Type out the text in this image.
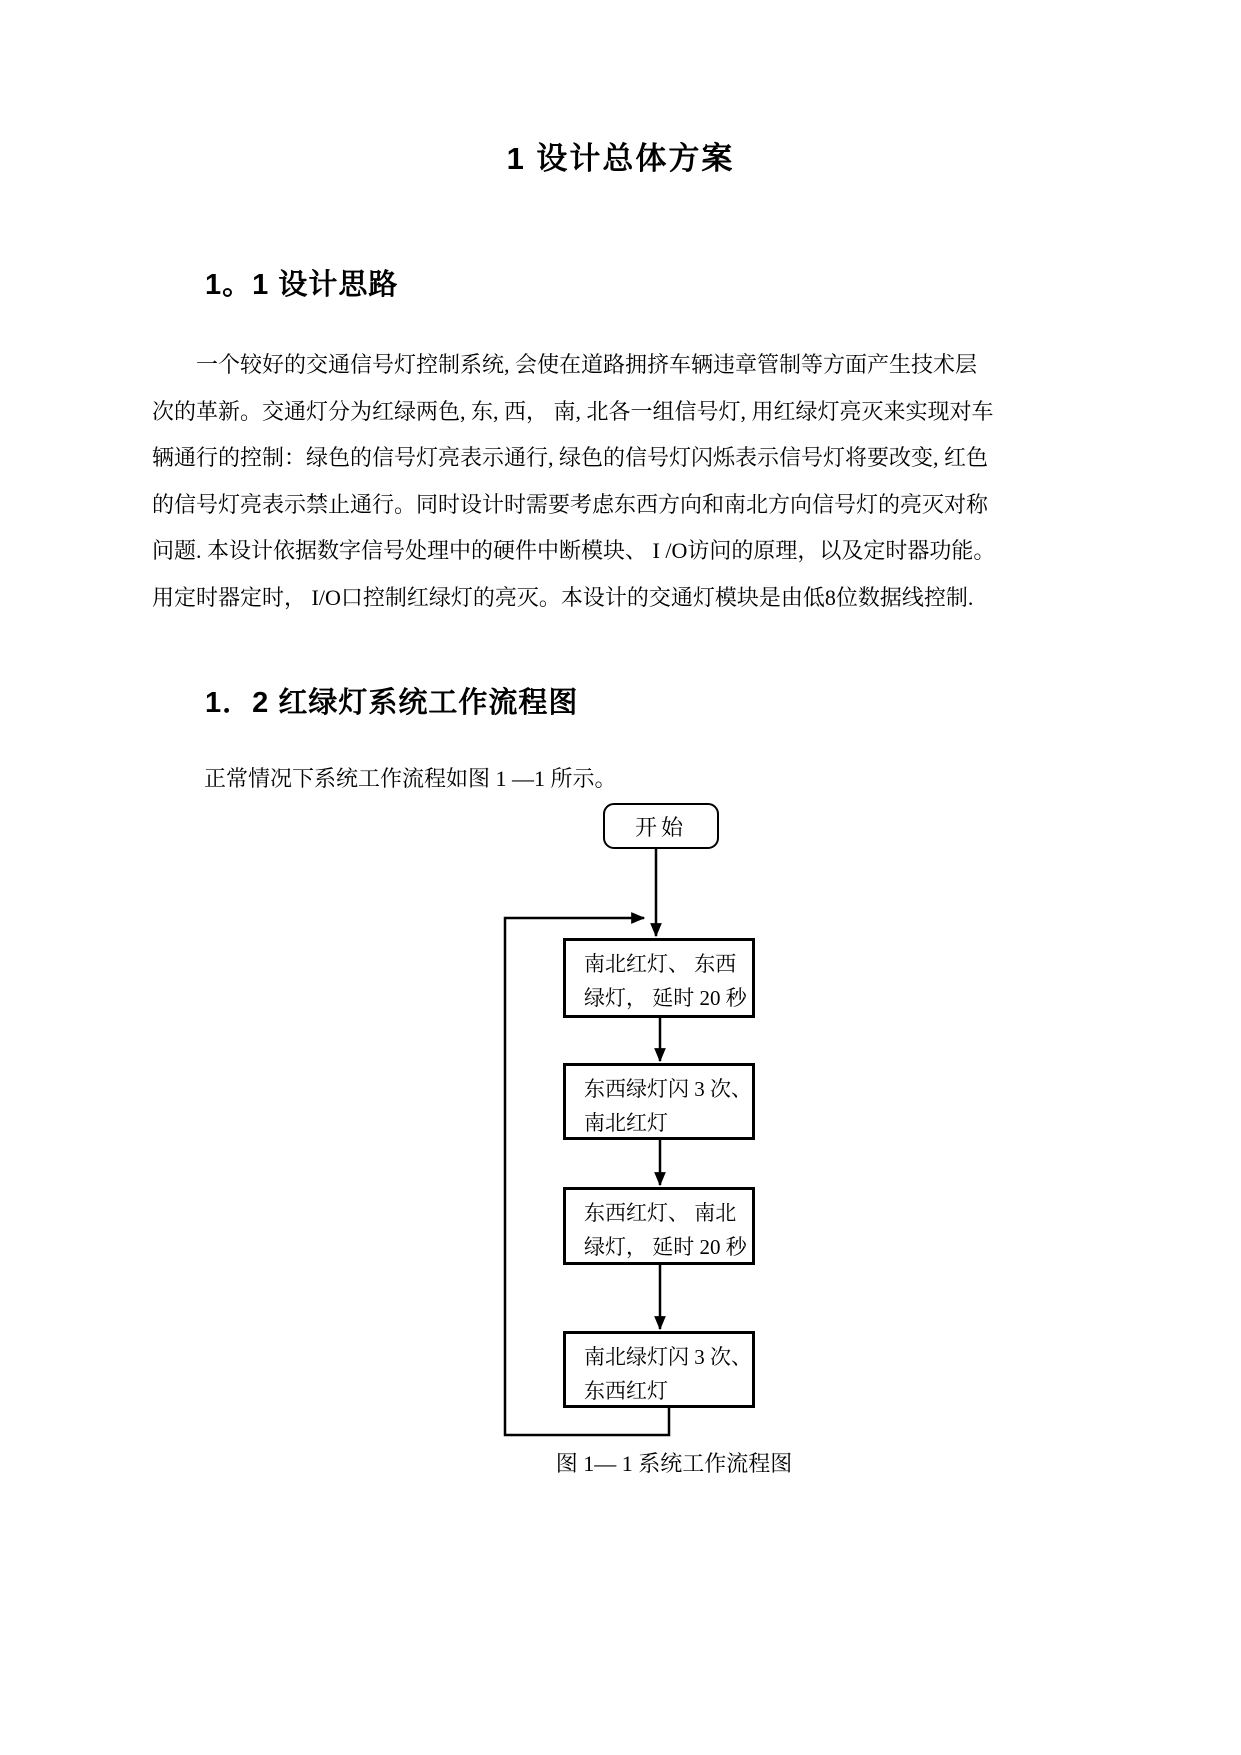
1 设计总体方案
1。1 设计思路
一个较好的交通信号灯控制系统, 会使在道路拥挤车辆违章管制等方面产生技术层
次的革新。交通灯分为红绿两色, 东, 西， 南, 北各一组信号灯, 用红绿灯亮灭来实现对车
辆通行的控制：绿色的信号灯亮表示通行, 绿色的信号灯闪烁表示信号灯将要改变, 红色
的信号灯亮表示禁止通行。同时设计时需要考虑东西方向和南北方向信号灯的亮灭对称
问题. 本设计依据数字信号处理中的硬件中断模块、 I /O访问的原理，以及定时器功能。
用定时器定时， I/O口控制红绿灯的亮灭。本设计的交通灯模块是由低8位数据线控制.
1．2 红绿灯系统工作流程图
正常情况下系统工作流程如图 1 —1 所示。
开始
南北红灯、 东西
绿灯， 延时 20 秒
东西绿灯闪 3 次、
南北红灯
东西红灯、 南北
绿灯， 延时 20 秒
南北绿灯闪 3 次、
东西红灯
图 1— 1 系统工作流程图
